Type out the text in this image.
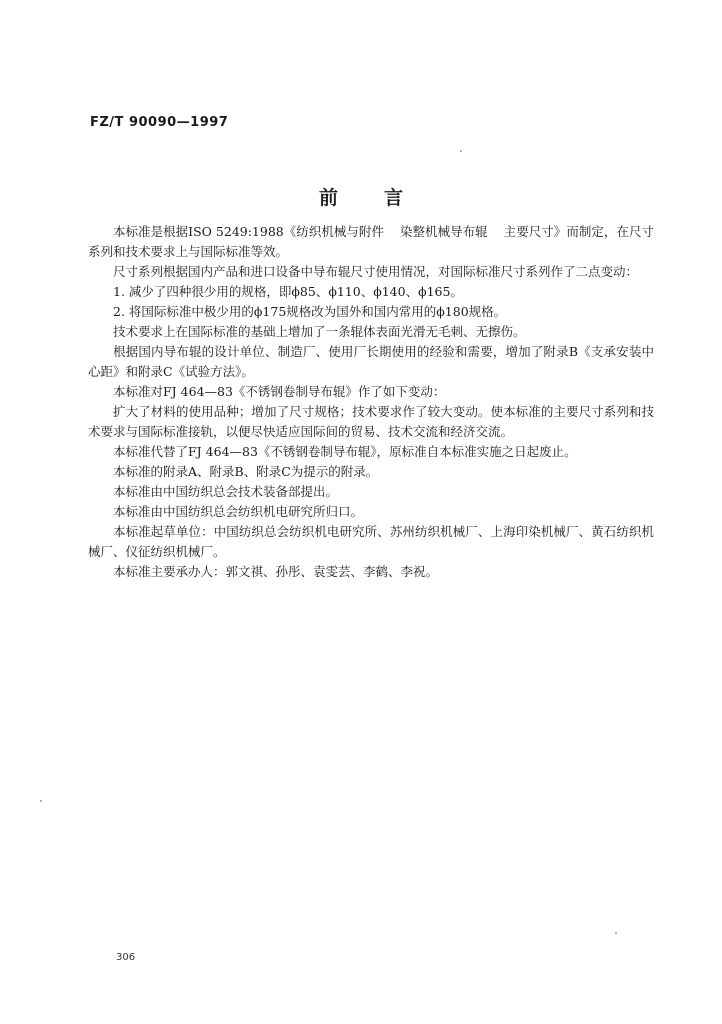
FZ/T 90090—1997
前言

本标准是根据ISO 5249:1988《纺织机械与附件    染整机械导布辊    主要尺寸》而制定，在尺寸系列和技术要求上与国际标准等效。

尺寸系列根据国内产品和进口设备中导布辊尺寸使用情况，对国际标准尺寸系列作了二点变动：

1. 减少了四种很少用的规格，即ϕ85、ϕ110、ϕ140、ϕ165。

2. 将国际标准中极少用的ϕ175规格改为国外和国内常用的ϕ180规格。

技术要求上在国际标准的基础上增加了一条辊体表面光滑无毛刺、无擦伤。

根据国内导布辊的设计单位、制造厂、使用厂长期使用的经验和需要，增加了附录B《支承安装中心距》和附录C《试验方法》。

本标准对FJ 464—83《不锈钢卷制导布辊》作了如下变动：

扩大了材料的使用品种；增加了尺寸规格；技术要求作了较大变动。使本标准的主要尺寸系列和技术要求与国际标准接轨，以便尽快适应国际间的贸易、技术交流和经济交流。

本标准代替了FJ 464—83《不锈钢卷制导布辊》，原标准自本标准实施之日起废止。

本标准的附录A、附录B、附录C为提示的附录。

本标准由中国纺织总会技术装备部提出。

本标准由中国纺织总会纺织机电研究所归口。

本标准起草单位：中国纺织总会纺织机电研究所、苏州纺织机械厂、上海印染机械厂、黄石纺织机械厂、仪征纺织机械厂。

本标准主要承办人：郭文祺、孙彤、袁雯芸、李鹤、李祝。

306
